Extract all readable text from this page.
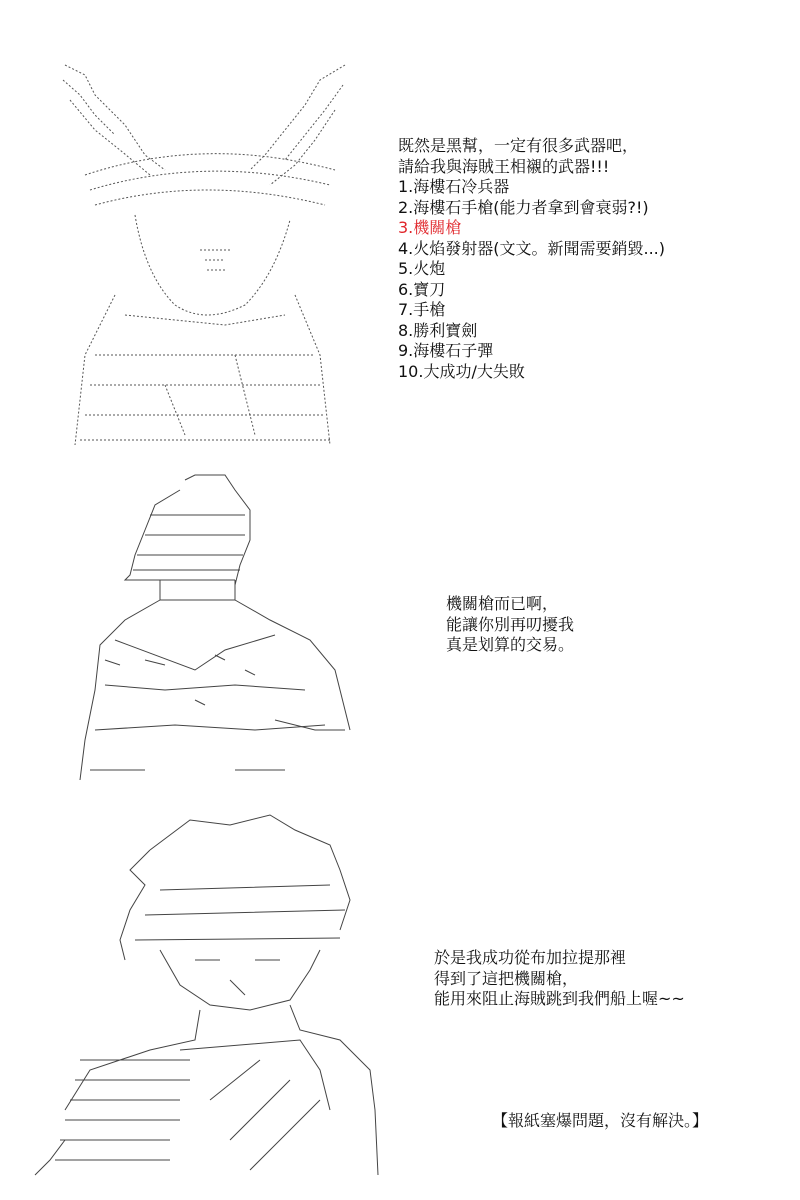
既然是黑幫，一定有很多武器吧，
請給我與海賊王相襯的武器!!!
1.海樓石冷兵器
2.海樓石手槍(能力者拿到會衰弱?!)
3.機關槍
4.火焰發射器(文文。新聞需要銷毀...)
5.火炮
6.寶刀
7.手槍
8.勝利寶劍
9.海樓石子彈
10.大成功/大失敗
機關槍而已啊，
能讓你別再叨擾我
真是划算的交易。
於是我成功從布加拉提那裡
得到了這把機關槍，
能用來阻止海賊跳到我們船上喔~~
【報紙塞爆問題，沒有解決。】
